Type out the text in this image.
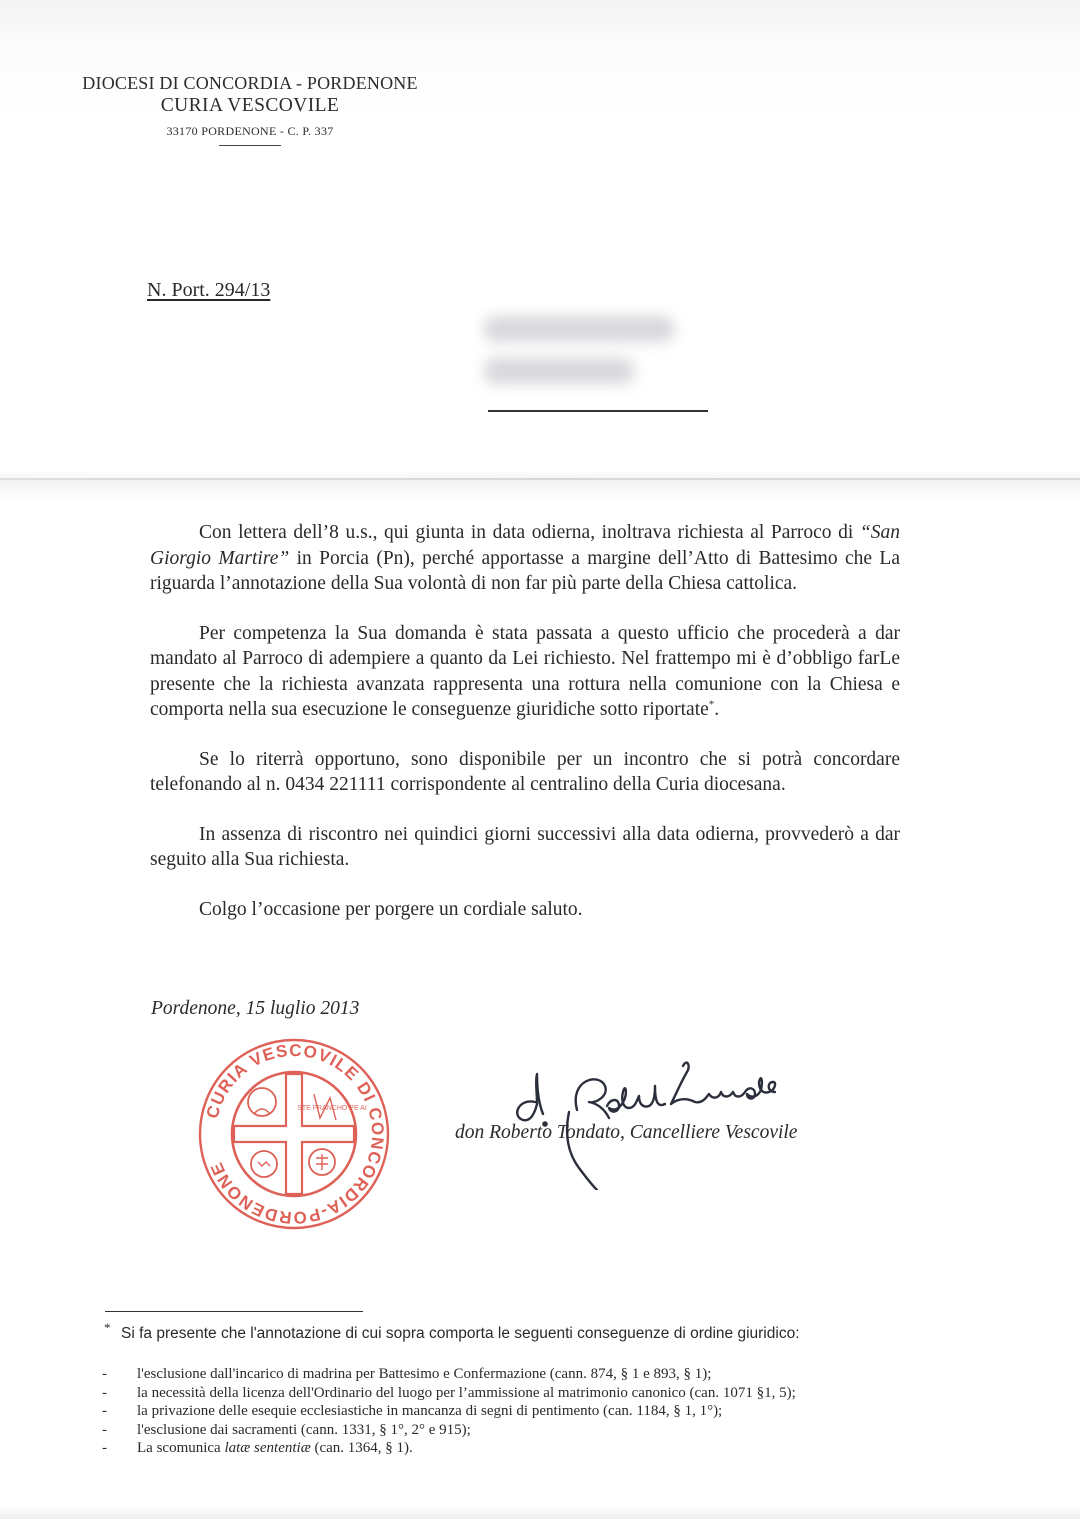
DIOCESI DI CONCORDIA - PORDENONE
CURIA VESCOVILE
33170 PORDENONE - C. P. 337
N. Port. 294/13

Con lettera dell’8 u.s., qui giunta in data odierna, inoltrava richiesta al Parroco di “San Giorgio Martire” in Porcia (Pn), perché apportasse a margine dell’Atto di Battesimo che La riguarda l’annotazione della Sua volontà di non far più parte della Chiesa cattolica.

Per competenza la Sua domanda è stata passata a questo ufficio che procederà a dar mandato al Parroco di adempiere a quanto da Lei richiesto. Nel frattempo mi è d’obbligo farLe presente che la richiesta avanzata rappresenta una rottura nella comunione con la Chiesa e comporta nella sua esecuzione le conseguenze giuridiche sotto riportate*.

Se lo riterrà opportuno, sono disponibile per un incontro che si potrà concordare telefonando al n. 0434 221111 corrispondente al centralino della Curia diocesana.

In assenza di riscontro nei quindici giorni successivi alla data odierna, provvederò a dar seguito alla Sua richiesta.

Colgo l’occasione per porgere un cordiale saluto.

Pordenone, 15 luglio 2013
CURIA VESCOVILE DI CONCORDIA-PORDENONE
STE FRANCHO PE AI
don Roberto Tondato, Cancelliere Vescovile
* Si fa presente che l'annotazione di cui sopra comporta le seguenti conseguenze di ordine giuridico:
-	l'esclusione dall'incarico di madrina per Battesimo e Confermazione (cann. 874, § 1 e 893, § 1);
-	la necessità della licenza dell'Ordinario del luogo per l’ammissione al matrimonio canonico (can. 1071 §1, 5);
-	la privazione delle esequie ecclesiastiche in mancanza di segni di pentimento (can. 1184, § 1, 1°);
-	l'esclusione dai sacramenti (cann. 1331, § 1°, 2° e 915);
-	La scomunica latæ sententiæ (can. 1364, § 1).
